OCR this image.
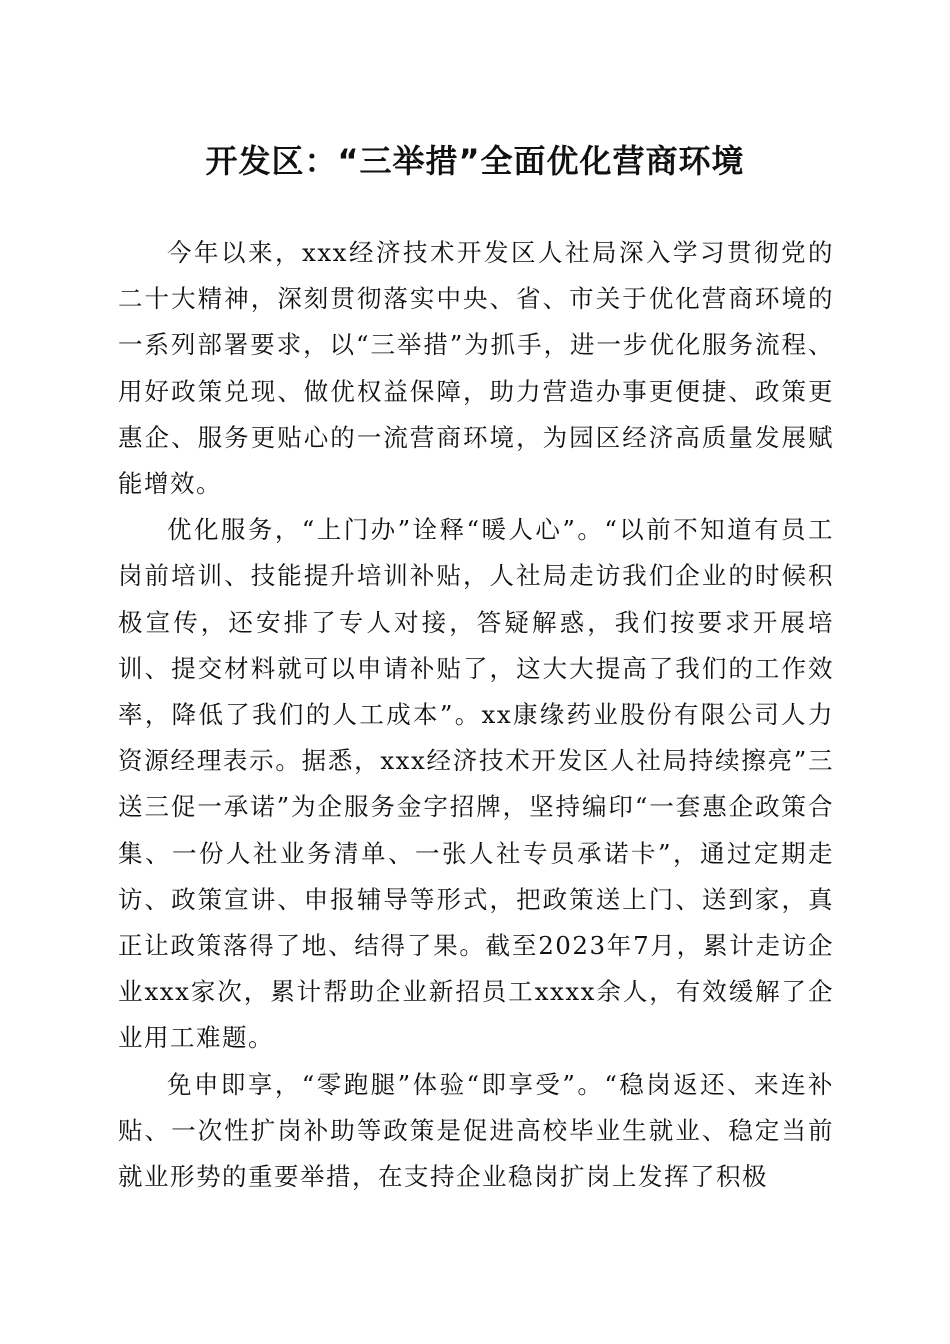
开发区：“三举措”全面优化营商环境

今年以来，xxx经济技术开发区人社局深入学习贯彻党的二十大精神，深刻贯彻落实中央、省、市关于优化营商环境的一系列部署要求，以“三举措”为抓手，进一步优化服务流程、用好政策兑现、做优权益保障，助力营造办事更便捷、政策更惠企、服务更贴心的一流营商环境，为园区经济高质量发展赋能增效。

优化服务，“上门办”诠释“暖人心”。“以前不知道有员工岗前培训、技能提升培训补贴，人社局走访我们企业的时候积极宣传，还安排了专人对接，答疑解惑，我们按要求开展培训、提交材料就可以申请补贴了，这大大提高了我们的工作效率，降低了我们的人工成本”。xx康缘药业股份有限公司人力资源经理表示。据悉，xxx经济技术开发区人社局持续擦亮”三送三促一承诺”为企服务金字招牌，坚持编印“一套惠企政策合集、一份人社业务清单、一张人社专员承诺卡”，通过定期走访、政策宣讲、申报辅导等形式，把政策送上门、送到家，真正让政策落得了地、结得了果。截至2023年7月，累计走访企业xxx家次，累计帮助企业新招员工xxxx余人，有效缓解了企业用工难题。

免申即享，“零跑腿”体验“即享受”。“稳岗返还、来连补贴、一次性扩岗补助等政策是促进高校毕业生就业、稳定当前就业形势的重要举措，在支持企业稳岗扩岗上发挥了积极
